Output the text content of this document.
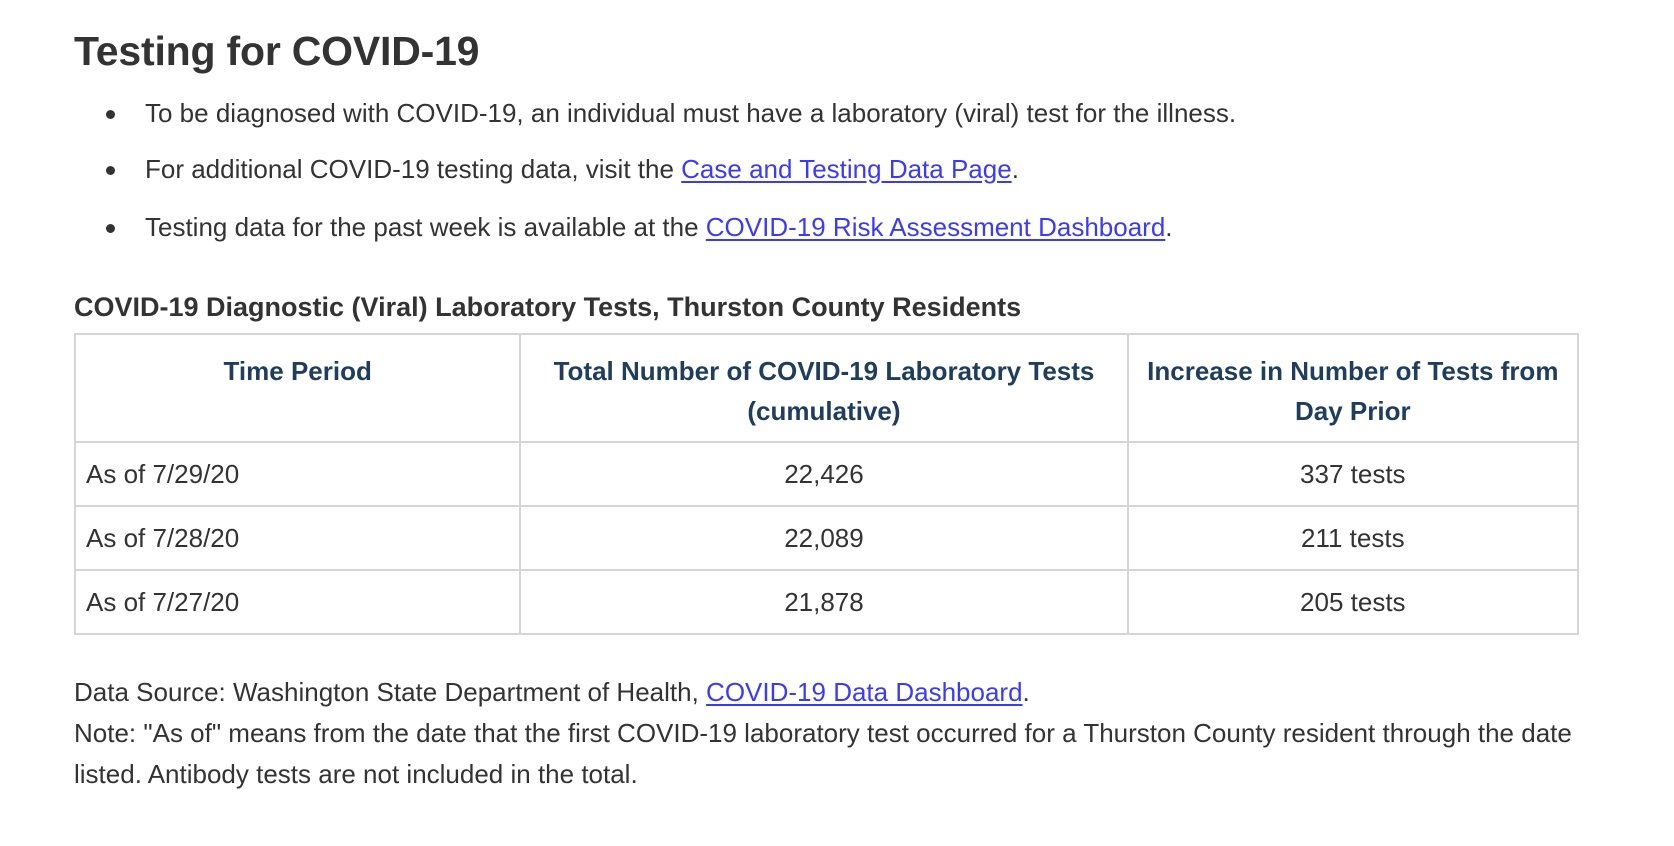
Testing for COVID-19
To be diagnosed with COVID-19, an individual must have a laboratory (viral) test for the illness.
For additional COVID-19 testing data, visit the Case and Testing Data Page.
Testing data for the past week is available at the COVID-19 Risk Assessment Dashboard.
COVID-19 Diagnostic (Viral) Laboratory Tests, Thurston County Residents
Time Period	Total Number of COVID-19 Laboratory Tests (cumulative)	Increase in Number of Tests from Day Prior
As of 7/29/20	22,426	337 tests
As of 7/28/20	22,089	211 tests
As of 7/27/20	21,878	205 tests

Data Source: Washington State Department of Health, COVID-19 Data Dashboard.

Note: "As of" means from the date that the first COVID-19 laboratory test occurred for a Thurston County resident through the date listed. Antibody tests are not included in the total.
